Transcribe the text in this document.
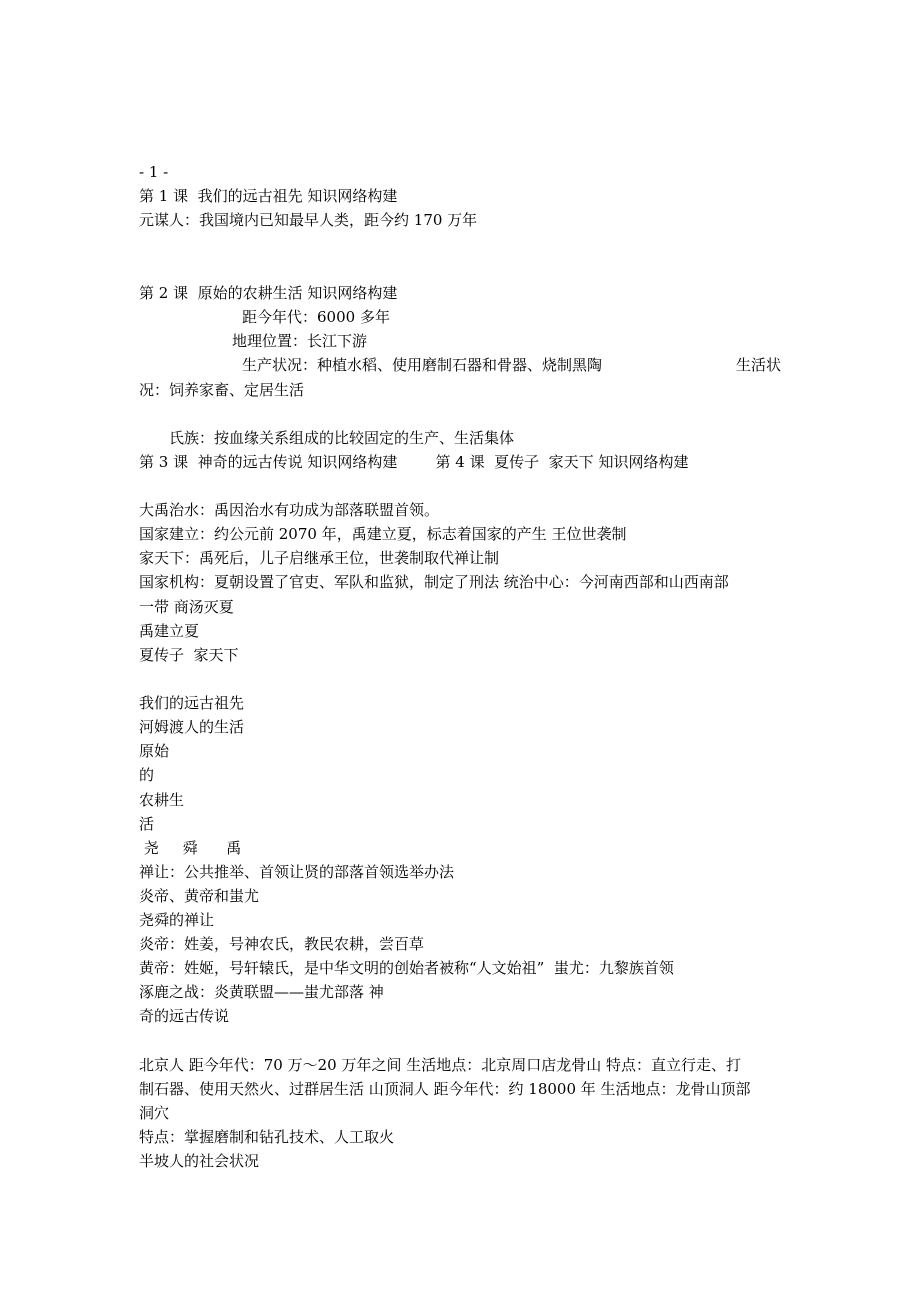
- 1 -
第 1 课  我们的远古祖先 知识网络构建
元谋人：我国境内已知最早人类，距今约 170 万年
第 2 课  原始的农耕生活 知识网络构建
距今年代：6000 多年
地理位置：长江下游
生产状况：种植水稻、使用磨制石器和骨器、烧制黑陶	生活状
况：饲养家畜、定居生活
氏族：按血缘关系组成的比较固定的生产、生活集体
第 3 课  神奇的远古传说 知识网络构建        第 4 课  夏传子  家天下 知识网络构建
大禹治水：禹因治水有功成为部落联盟首领。
国家建立：约公元前 2070 年，禹建立夏，标志着国家的产生 王位世袭制
家天下：禹死后，儿子启继承王位，世袭制取代禅让制
国家机构：夏朝设置了官吏、军队和监狱，制定了刑法 统治中心：今河南西部和山西南部
一带 商汤灭夏
禹建立夏
夏传子  家天下
我们的远古祖先
河姆渡人的生活
原始
的
农耕生
活
尧     舜      禹
禅让：公共推举、首领让贤的部落首领选举办法
炎帝、黄帝和蚩尤
尧舜的禅让
炎帝：姓姜，号神农氏，教民农耕，尝百草
黄帝：姓姬，号轩辕氏，是中华文明的创始者被称“人文始祖”  蚩尤：九黎族首领
涿鹿之战：炎黄联盟——蚩尤部落 神
奇的远古传说
北京人 距今年代：70 万～20 万年之间 生活地点：北京周口店龙骨山 特点：直立行走、打
制石器、使用天然火、过群居生活 山顶洞人 距今年代：约 18000 年 生活地点：龙骨山顶部
洞穴
特点：掌握磨制和钻孔技术、人工取火
半坡人的社会状况
